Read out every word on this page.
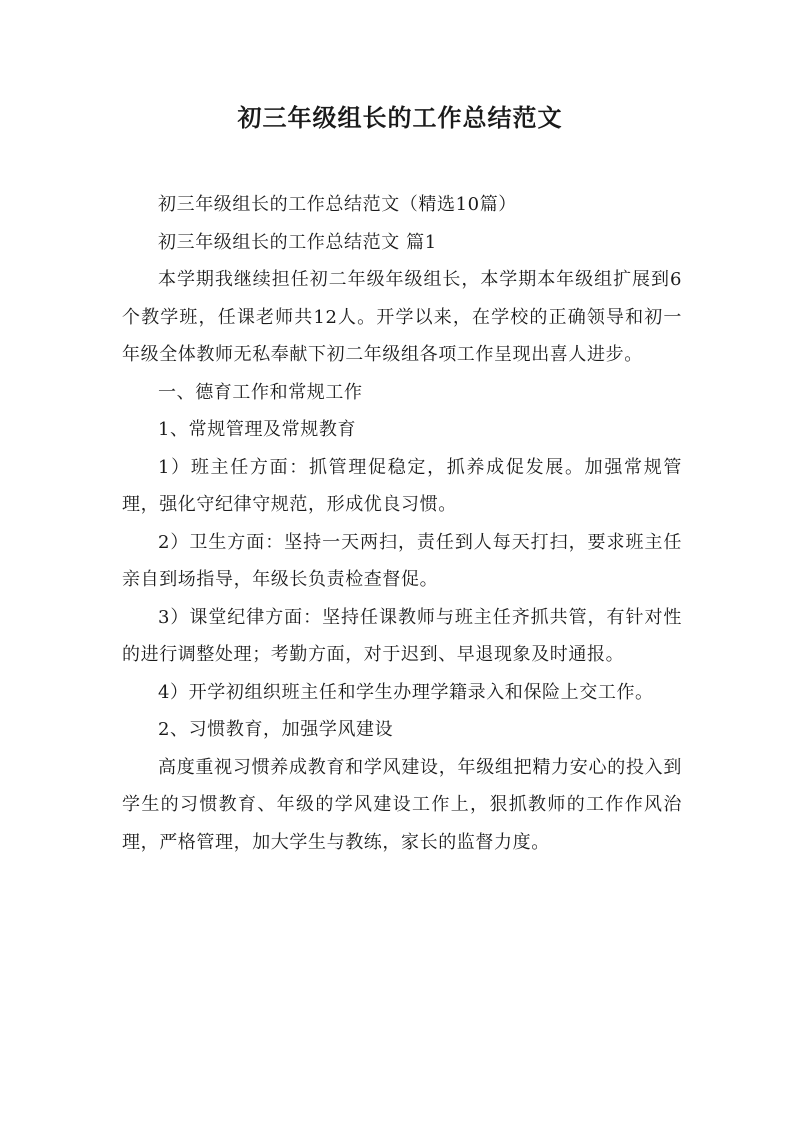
初三年级组长的工作总结范文

初三年级组长的工作总结范文（精选10篇）

初三年级组长的工作总结范文 篇1

本学期我继续担任初二年级年级组长，本学期本年级组扩展到6个教学班，任课老师共12人。开学以来，在学校的正确领导和初一年级全体教师无私奉献下初二年级组各项工作呈现出喜人进步。

一、德育工作和常规工作

1、常规管理及常规教育

1）班主任方面：抓管理促稳定，抓养成促发展。加强常规管理，强化守纪律守规范，形成优良习惯。

2）卫生方面：坚持一天两扫，责任到人每天打扫，要求班主任亲自到场指导，年级长负责检查督促。

3）课堂纪律方面：坚持任课教师与班主任齐抓共管，有针对性的进行调整处理；考勤方面，对于迟到、早退现象及时通报。

4）开学初组织班主任和学生办理学籍录入和保险上交工作。

2、习惯教育，加强学风建设

高度重视习惯养成教育和学风建设，年级组把精力安心的投入到学生的习惯教育、年级的学风建设工作上，狠抓教师的工作作风治理，严格管理，加大学生与教练，家长的监督力度。
